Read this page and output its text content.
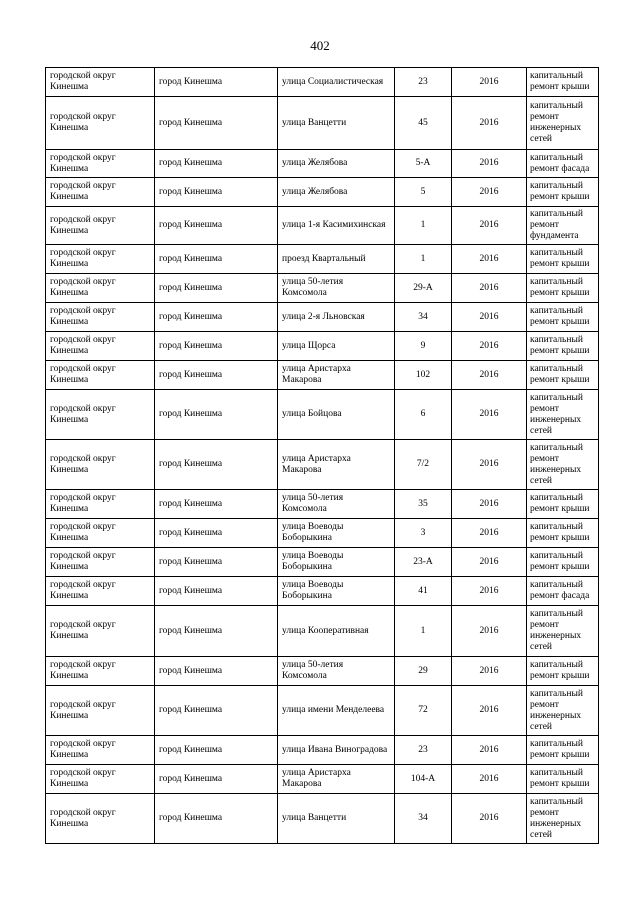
402
городской округ Кинешма	город Кинешма	улица Социалистическая	23	2016	капитальный ремонт крыши
городской округ Кинешма	город Кинешма	улица Ванцетти	45	2016	капитальный ремонт инженерных сетей
городской округ Кинешма	город Кинешма	улица Желябова	5-А	2016	капитальный ремонт фасада
городской округ Кинешма	город Кинешма	улица Желябова	5	2016	капитальный ремонт крыши
городской округ Кинешма	город Кинешма	улица 1-я Касимихинская	1	2016	капитальный ремонт фундамента
городской округ Кинешма	город Кинешма	проезд Квартальный	1	2016	капитальный ремонт крыши
городской округ Кинешма	город Кинешма	улица 50-летия Комсомола	29-А	2016	капитальный ремонт крыши
городской округ Кинешма	город Кинешма	улица 2-я Льновская	34	2016	капитальный ремонт крыши
городской округ Кинешма	город Кинешма	улица Щорса	9	2016	капитальный ремонт крыши
городской округ Кинешма	город Кинешма	улица Аристарха Макарова	102	2016	капитальный ремонт крыши
городской округ Кинешма	город Кинешма	улица Бойцова	6	2016	капитальный ремонт инженерных сетей
городской округ Кинешма	город Кинешма	улица Аристарха Макарова	7/2	2016	капитальный ремонт инженерных сетей
городской округ Кинешма	город Кинешма	улица 50-летия Комсомола	35	2016	капитальный ремонт крыши
городской округ Кинешма	город Кинешма	улица Воеводы Боборыкина	3	2016	капитальный ремонт крыши
городской округ Кинешма	город Кинешма	улица Воеводы Боборыкина	23-А	2016	капитальный ремонт крыши
городской округ Кинешма	город Кинешма	улица Воеводы Боборыкина	41	2016	капитальный ремонт фасада
городской округ Кинешма	город Кинешма	улица Кооперативная	1	2016	капитальный ремонт инженерных сетей
городской округ Кинешма	город Кинешма	улица 50-летия Комсомола	29	2016	капитальный ремонт крыши
городской округ Кинешма	город Кинешма	улица имени Менделеева	72	2016	капитальный ремонт инженерных сетей
городской округ Кинешма	город Кинешма	улица Ивана Виноградова	23	2016	капитальный ремонт крыши
городской округ Кинешма	город Кинешма	улица Аристарха Макарова	104-А	2016	капитальный ремонт крыши
городской округ Кинешма	город Кинешма	улица Ванцетти	34	2016	капитальный ремонт инженерных сетей
